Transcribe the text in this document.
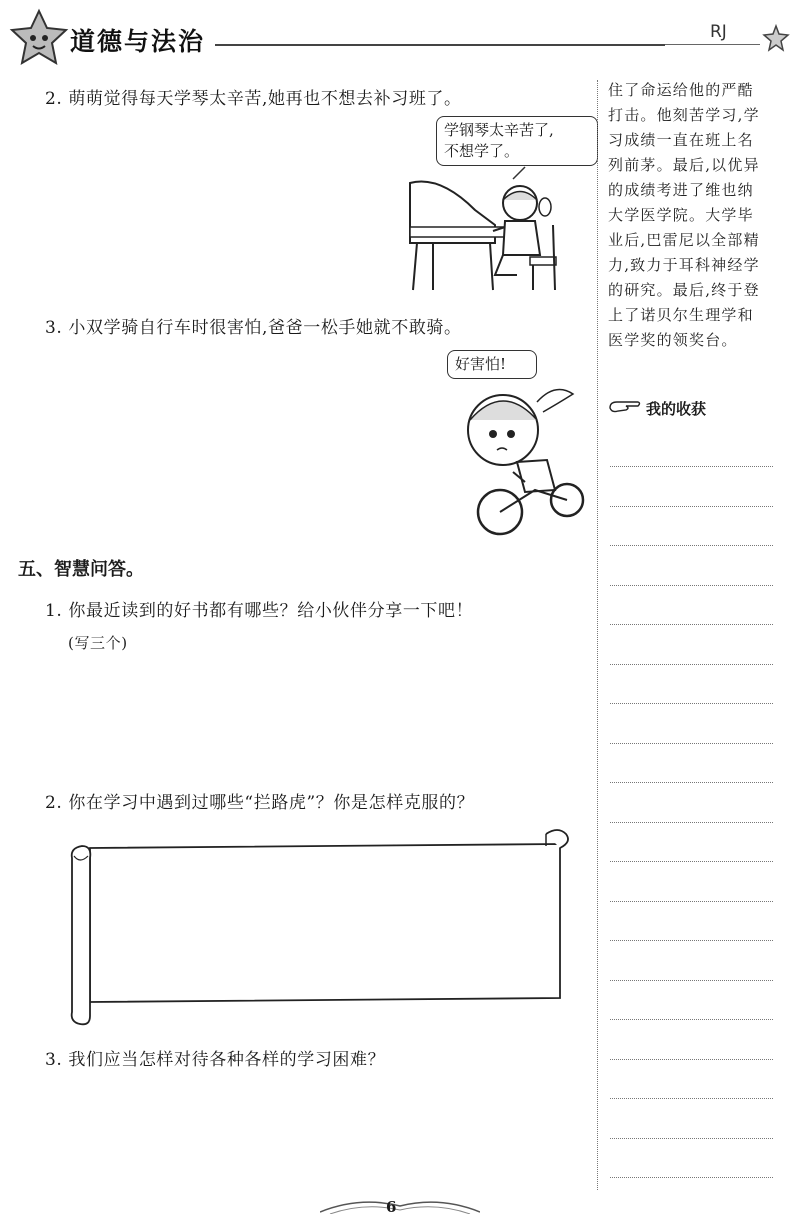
道德与法治	RJ
2. 萌萌觉得每天学琴太辛苦,她再也不想去补习班了。
学钢琴太辛苦了,
不想学了。
3. 小双学骑自行车时很害怕,爸爸一松手她就不敢骑。
好害怕!
五、智慧问答。
1. 你最近读到的好书都有哪些？给小伙伴分享一下吧！
(写三个)
2. 你在学习中遇到过哪些“拦路虎”？你是怎样克服的？
3. 我们应当怎样对待各种各样的学习困难？
住了命运给他的严酷
打击。他刻苦学习,学
习成绩一直在班上名
列前茅。最后,以优异
的成绩考进了维也纳
大学医学院。大学毕
业后,巴雷尼以全部精
力,致力于耳科神经学
的研究。最后,终于登
上了诺贝尔生理学和
医学奖的领奖台。
我的收获
6
